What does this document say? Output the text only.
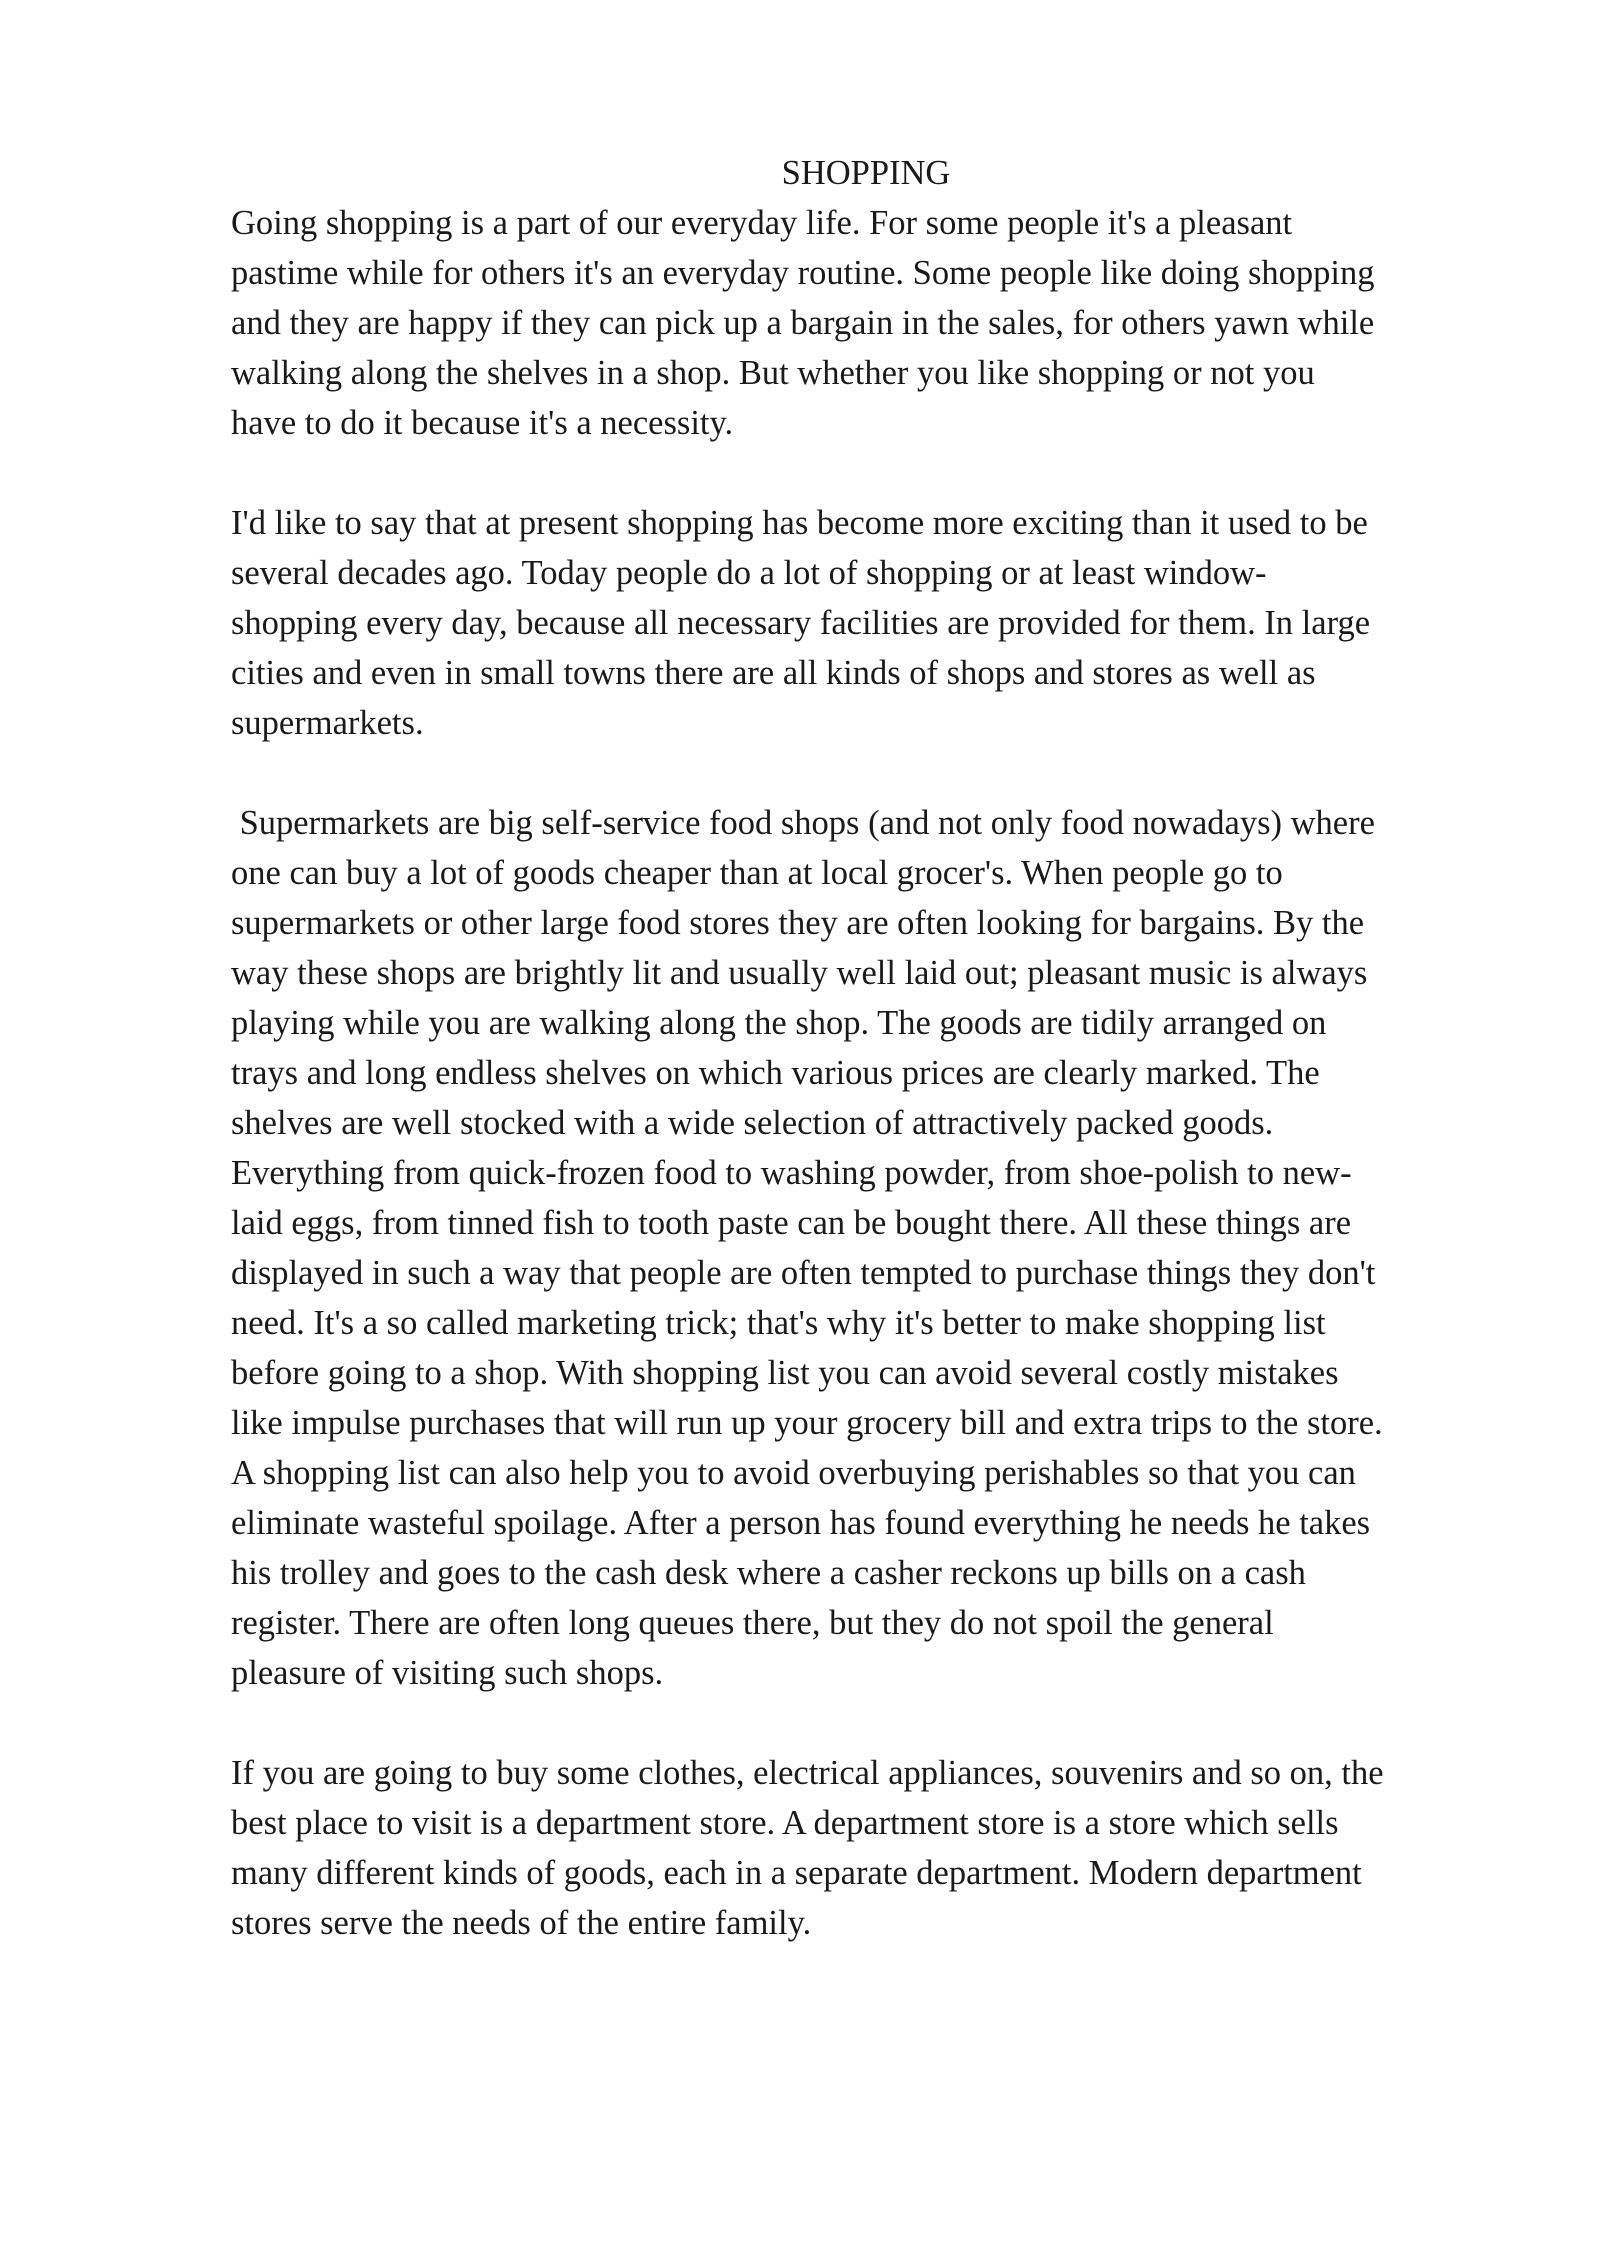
SHOPPING

Going shopping is a part of our everyday life. For some people it's a pleasant
pastime while for others it's an everyday routine. Some people like doing shopping
and they are happy if they can pick up a bargain in the sales, for others yawn while
walking along the shelves in a shop. But whether you like shopping or not you
have to do it because it's a necessity.

I'd like to say that at present shopping has become more exciting than it used to be
several decades ago. Today people do a lot of shopping or at least window-
shopping every day, because all necessary facilities are provided for them. In large
cities and even in small towns there are all kinds of shops and stores as well as
supermarkets.

Supermarkets are big self-service food shops (and not only food nowadays) where
one can buy a lot of goods cheaper than at local grocer's. When people go to
supermarkets or other large food stores they are often looking for bargains. By the
way these shops are brightly lit and usually well laid out; pleasant music is always
playing while you are walking along the shop. The goods are tidily arranged on
trays and long endless shelves on which various prices are clearly marked. The
shelves are well stocked with a wide selection of attractively packed goods.
Everything from quick-frozen food to washing powder, from shoe-polish to new-
laid eggs, from tinned fish to tooth paste can be bought there. All these things are
displayed in such a way that people are often tempted to purchase things they don't
need. It's a so called marketing trick; that's why it's better to make shopping list
before going to a shop. With shopping list you can avoid several costly mistakes
like impulse purchases that will run up your grocery bill and extra trips to the store.
A shopping list can also help you to avoid overbuying perishables so that you can
eliminate wasteful spoilage. After a person has found everything he needs he takes
his trolley and goes to the cash desk where a casher reckons up bills on a cash
register. There are often long queues there, but they do not spoil the general
pleasure of visiting such shops.

If you are going to buy some clothes, electrical appliances, souvenirs and so on, the
best place to visit is a department store. A department store is a store which sells
many different kinds of goods, each in a separate department. Modern department
stores serve the needs of the entire family.
